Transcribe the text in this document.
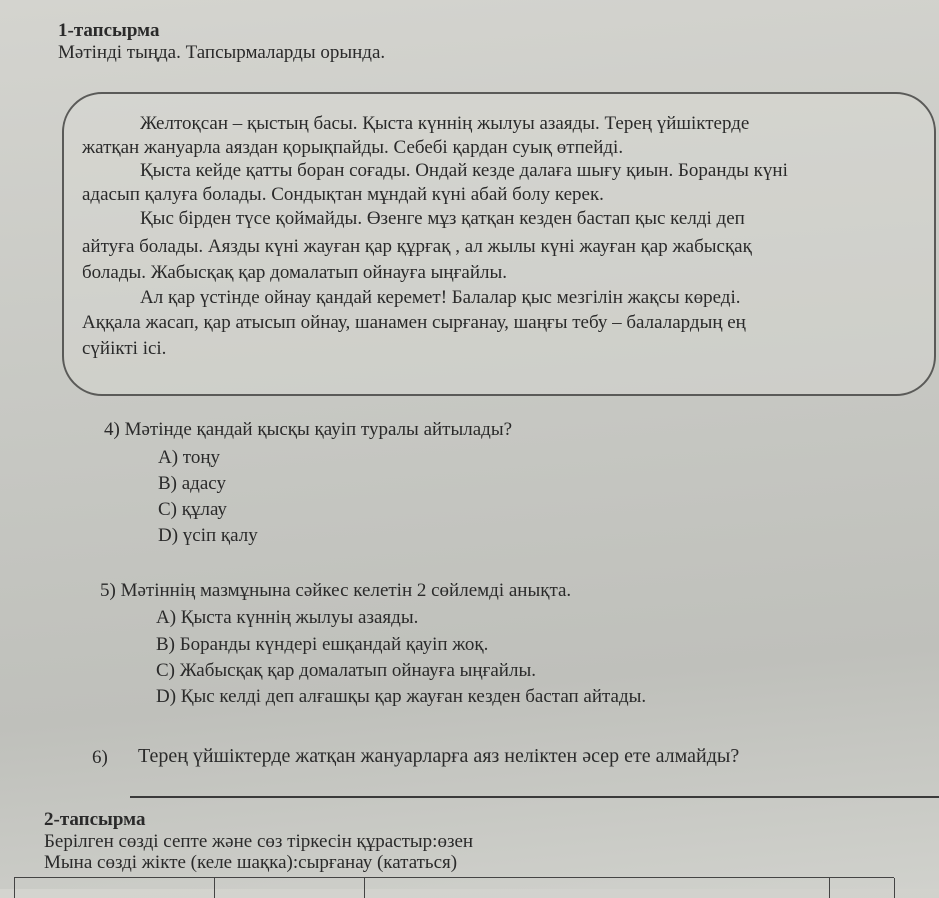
1-тапсырма
Мәтінді тыңда. Тапсырмаларды орында.
Желтоқсан – қыстың басы. Қыста күннің жылуы азаяды. Терең үйшіктерде
жатқан жануарла аяздан қорықпайды. Себебі қардан суық өтпейді.
Қыста кейде қатты боран соғады. Ондай кезде далаға шығу қиын. Боранды күні
адасып қалуға болады. Сондықтан мұндай күні абай болу керек.
Қыс бірден түсе қоймайды. Өзенге мұз қатқан кезден бастап қыс келді деп
айтуға болады. Аязды күні жауған қар құрғақ , ал жылы күні жауған қар жабысқақ
болады. Жабысқақ қар домалатып ойнауға ыңғайлы.
Ал қар үстінде ойнау қандай керемет! Балалар қыс мезгілін жақсы көреді.
Аққала жасап, қар атысып ойнау, шанамен сырғанау, шаңғы тебу – балалардың ең
сүйікті ісі.
4) Мәтінде қандай қысқы қауіп туралы айтылады?
A) тоңу
B) адасу
C) құлау
D) үсіп қалу
5) Мәтіннің мазмұнына сәйкес келетін 2 сөйлемді анықта.
A) Қыста күннің жылуы азаяды.
B) Боранды күндері ешқандай қауіп жоқ.
C) Жабысқақ қар домалатып ойнауға ыңғайлы.
D) Қыс келді деп алғашқы қар жауған кезден бастап айтады.
6) Терең үйшіктерде жатқан жануарларға аяз неліктен әсер ете алмайды?
2-тапсырма
Берілген сөзді септе және сөз тіркесін құрастыр:өзен
Мына сөзді жікте (келе шақка):сырғанау (кататься)
